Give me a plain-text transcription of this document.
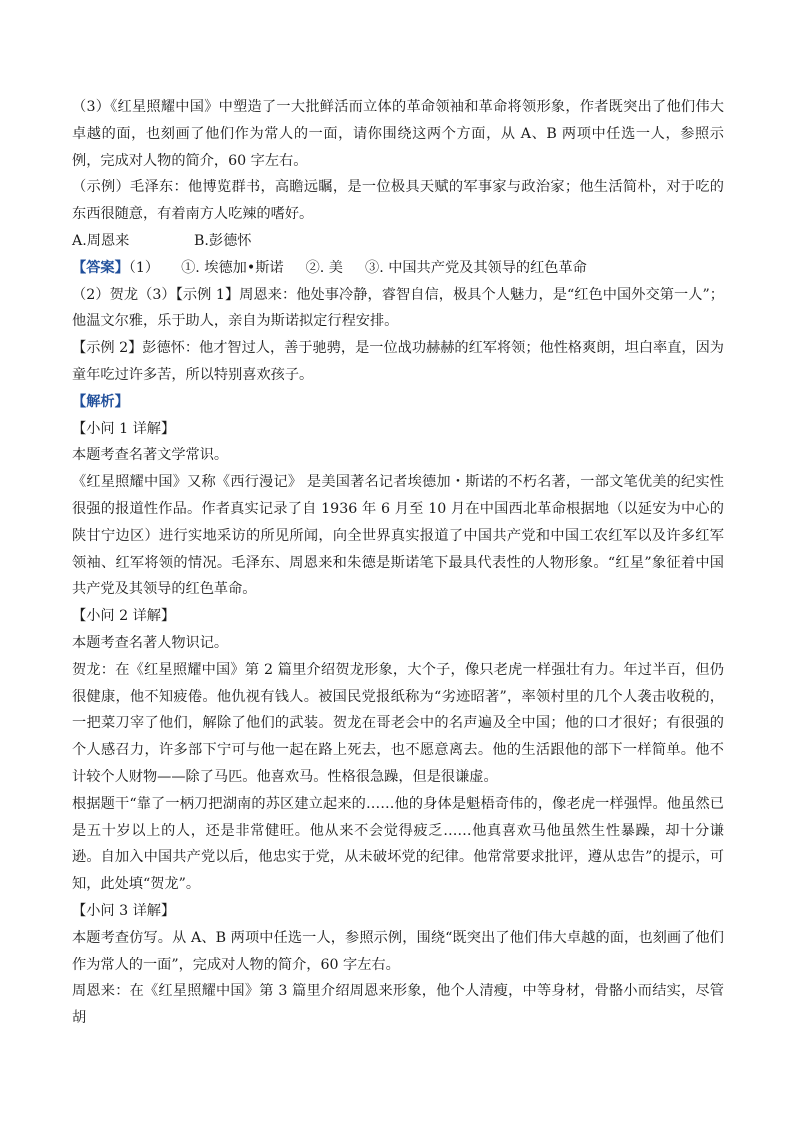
（3）《红星照耀中国》中塑造了一大批鲜活而立体的革命领袖和革命将领形象，作者既突出了他们伟大卓越的面，也刻画了他们作为常人的一面，请你围绕这两个方面，从 A、B 两项中任选一人，参照示例，完成对人物的简介，60 字左右。

（示例）毛泽东：他博览群书，高瞻远瞩，是一位极具天赋的军事家与政治家；他生活简朴，对于吃的东西很随意，有着南方人吃辣的嗜好。

A.周恩来	B.彭德怀

【答案】（1） ①. 埃德加•斯诺 ②. 美 ③. 中国共产党及其领导的红色革命

（2）贺龙（3）【示例 1】周恩来：他处事冷静，睿智自信，极具个人魅力，是“红色中国外交第一人”；他温文尔雅，乐于助人，亲自为斯诺拟定行程安排。

【示例 2】彭德怀：他才智过人，善于驰骋，是一位战功赫赫的红军将领；他性格爽朗，坦白率直，因为童年吃过许多苦，所以特别喜欢孩子。

【解析】

【小问 1 详解】

本题考查名著文学常识。

《红星照耀中国》又称《西行漫记》 是美国著名记者埃德加・斯诺的不朽名著，一部文笔优美的纪实性很强的报道性作品。作者真实记录了自 1936 年 6 月至 10 月在中国西北革命根据地（以延安为中心的陕甘宁边区）进行实地采访的所见所闻，向全世界真实报道了中国共产党和中国工农红军以及许多红军领袖、红军将领的情况。毛泽东、周恩来和朱德是斯诺笔下最具代表性的人物形象。“红星”象征着中国共产党及其领导的红色革命。

【小问 2 详解】

本题考查名著人物识记。

贺龙：在《红星照耀中国》第 2 篇里介绍贺龙形象，大个子，像只老虎一样强壮有力。年过半百，但仍很健康，他不知疲倦。他仇视有钱人。被国民党报纸称为“劣迹昭著”，率领村里的几个人袭击收税的，一把菜刀宰了他们，解除了他们的武装。贺龙在哥老会中的名声遍及全中国；他的口才很好；有很强的个人感召力，许多部下宁可与他一起在路上死去，也不愿意离去。他的生活跟他的部下一样简单。他不计较个人财物——除了马匹。他喜欢马。性格很急躁，但是很谦虚。

根据题干“靠了一柄刀把湖南的苏区建立起来的……他的身体是魁梧奇伟的，像老虎一样强悍。他虽然已是五十岁以上的人，还是非常健旺。他从来不会觉得疲乏……他真喜欢马他虽然生性暴躁，却十分谦逊。自加入中国共产党以后，他忠实于党，从未破坏党的纪律。他常常要求批评，遵从忠告”的提示，可知，此处填“贺龙”。

【小问 3 详解】

本题考查仿写。从 A、B 两项中任选一人，参照示例，围绕“既突出了他们伟大卓越的面，也刻画了他们作为常人的一面”，完成对人物的简介，60 字左右。

周恩来：在《红星照耀中国》第 3 篇里介绍周恩来形象，他个人清瘦，中等身材，骨骼小而结实，尽管胡
